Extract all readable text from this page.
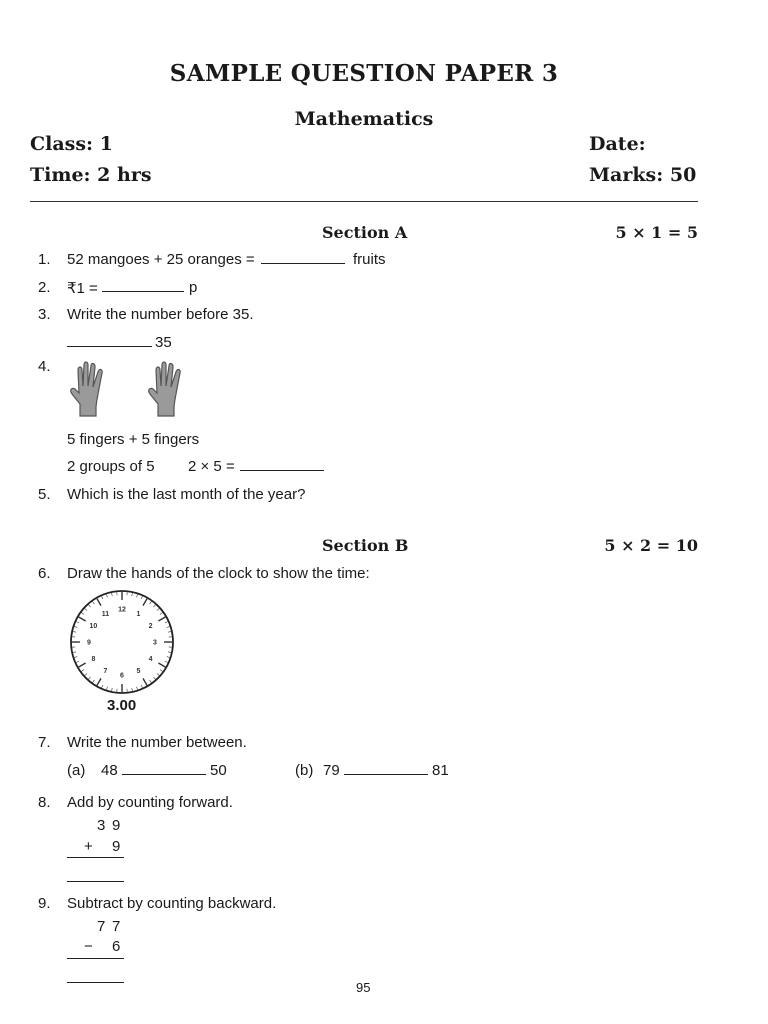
SAMPLE QUESTION PAPER 3
Mathematics
Class: 1	Date:
Time: 2 hrs	Marks: 50
Section A	5 × 1 = 5
1. 52 mangoes + 25 oranges =	fruits
2. ₹1 =	p
3. Write the number before 35.
35
4.
5 fingers + 5 fingers
2 groups of 5 2 × 5 =
5. Which is the last month of the year?
Section B	5 × 2 = 10
6. Draw the hands of the clock to show the time:
12
1
2
3
4
5
6
7
8
9
10
11
3.00
7. Write the number between.
(a) 48	50	(b) 79	81
8. Add by counting forward.
3 9
+ 9
9. Subtract by counting backward.
7 7
− 6
95
